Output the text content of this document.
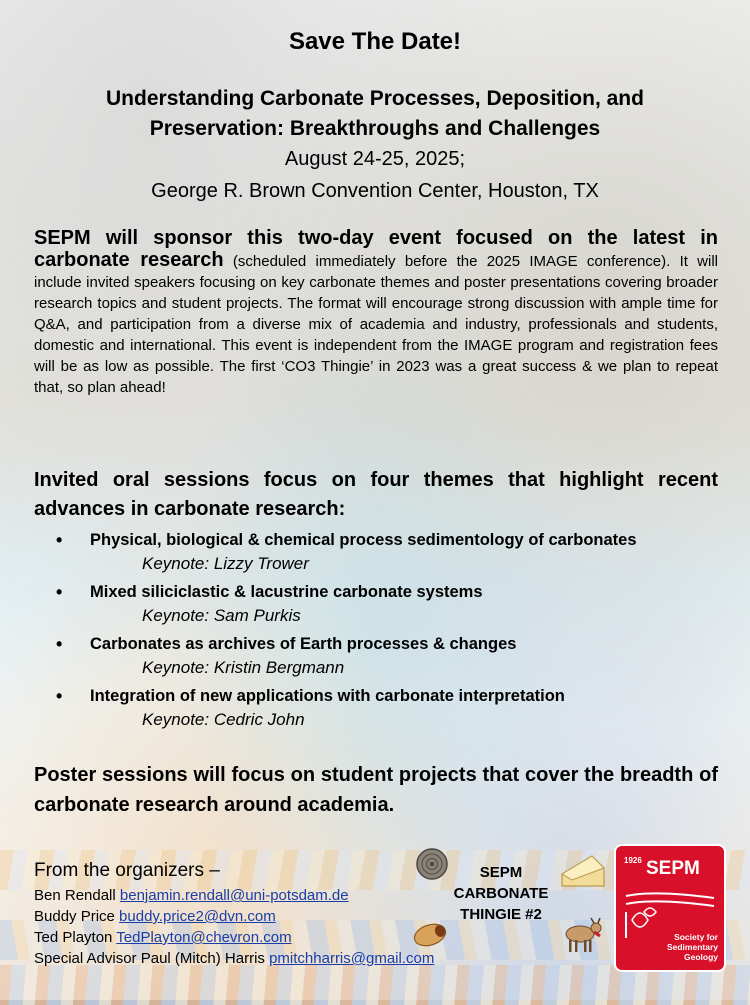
Save The Date!
Understanding Carbonate Processes, Deposition, and
Preservation: Breakthroughs and Challenges
August 24-25, 2025;
George R. Brown Convention Center, Houston, TX
SEPM will sponsor this two-day event focused on the latest in carbonate research (scheduled immediately before the 2025 IMAGE conference). It will include invited speakers focusing on key carbonate themes and poster presentations covering broader research topics and student projects. The format will encourage strong discussion with ample time for Q&A, and participation from a diverse mix of academia and industry, professionals and students, domestic and international. This event is independent from the IMAGE program and registration fees will be as low as possible. The first ‘CO3 Thingie’ in 2023 was a great success & we plan to repeat that, so plan ahead!
Invited oral sessions focus on four themes that highlight recent advances in carbonate research:
•	Physical, biological & chemical process sedimentology of carbonates
Keynote: Lizzy Trower
•	Mixed siliciclastic & lacustrine carbonate systems
Keynote: Sam Purkis
•	Carbonates as archives of Earth processes & changes
Keynote: Kristin Bergmann
•	Integration of new applications with carbonate interpretation
Keynote: Cedric John
Poster sessions will focus on student projects that cover the breadth of carbonate research around academia.
From the organizers –
Ben Rendall benjamin.rendall@uni-potsdam.de
Buddy Price buddy.price2@dvn.com
Ted Playton TedPlayton@chevron.com
Special Advisor Paul (Mitch) Harris pmitchharris@gmail.com
SEPM
CARBONATE
THINGIE #2
1926 SEPM
Society for
Sedimentary Geology
